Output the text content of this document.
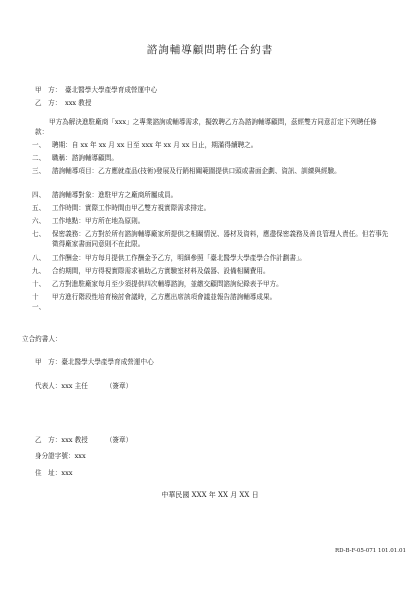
諮詢輔導顧問聘任合約書
甲　方： 臺北醫學大學產學育成營運中心
乙　方： xxx 教授
甲方為解決進駐廠商「xxx」之專業諮詢或輔導需求，擬敦聘乙方為諮詢輔導顧問，茲經雙方同意訂定下列聘任條款：
一、	聘期：自 xx 年 xx 月 xx 日至 xxx 年 xx 月 xx 日止，期滿得續聘之。
二、	職稱：諮詢輔導顧問。
三、	諮詢輔導項目：乙方應就產品(技術)發展及行銷相關範圍提供口頭或書面企劃、資訊、訓練與經驗。
四、	諮詢輔導對象：進駐甲方之廠商所屬成員。
五、	工作時間：實際工作時間由甲乙雙方視實際需求排定。
六、	工作地點：甲方所在地為原則。
七、	保密義務：乙方對於所有諮詢輔導廠家所提供之相關情況、器材及資料，應盡保密義務及善良管理人責任。但若事先徵得廠家書面同意則不在此限。
八、	工作酬金：甲方每月提供工作酬金予乙方，明細參照「臺北醫學大學產學合作計劃書」。
九、	合約期間，甲方得視實際需求補助乙方實驗室材料及儀器、設備相關費用。
十、	乙方對進駐廠家每月至少須提供四次輔導諮詢，並繳交顧問諮詢紀錄表予甲方。
十一、
甲方進行階段性培育檢討會議時，乙方應出席該項會議並報告諮詢輔導成果。
立合約書人：
甲　方：臺北醫學大學產學育成營運中心
代表人：xxx 主任	（簽章）
乙　方：xxx 教授	（簽章）
身分證字號：xxx
住　址：xxx
中華民國 XXX 年 XX 月 XX 日
RD-B-F-05-071 101.01.01
